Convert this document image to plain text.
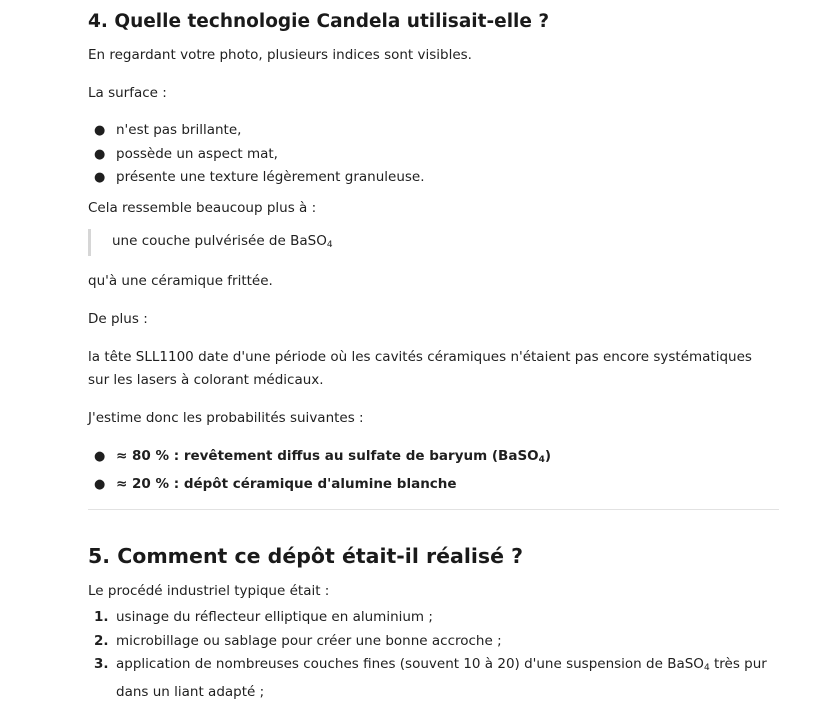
4. Quelle technologie Candela utilisait-elle ?

En regardant votre photo, plusieurs indices sont visibles.

La surface :

● n'est pas brillante,
● possède un aspect mat,
● présente une texture légèrement granuleuse.

Cela ressemble beaucoup plus à :

une couche pulvérisée de BaSO$_4$

qu'à une céramique frittée.

De plus :

la tête SLL1100 date d'une période où les cavités céramiques n'étaient pas encore systématiques sur les lasers à colorant médicaux.

J'estime donc les probabilités suivantes :

● ≈ 80 % : revêtement diffus au sulfate de baryum (BaSO$_4$)
● ≈ 20 % : dépôt céramique d'alumine blanche
5. Comment ce dépôt était-il réalisé ?

Le procédé industriel typique était :

1. usinage du réflecteur elliptique en aluminium ;
2. microbillage ou sablage pour créer une bonne accroche ;
3. application de nombreuses couches fines (souvent 10 à 20) d'une suspension de BaSO$_4$ très pur dans un liant adapté ;
